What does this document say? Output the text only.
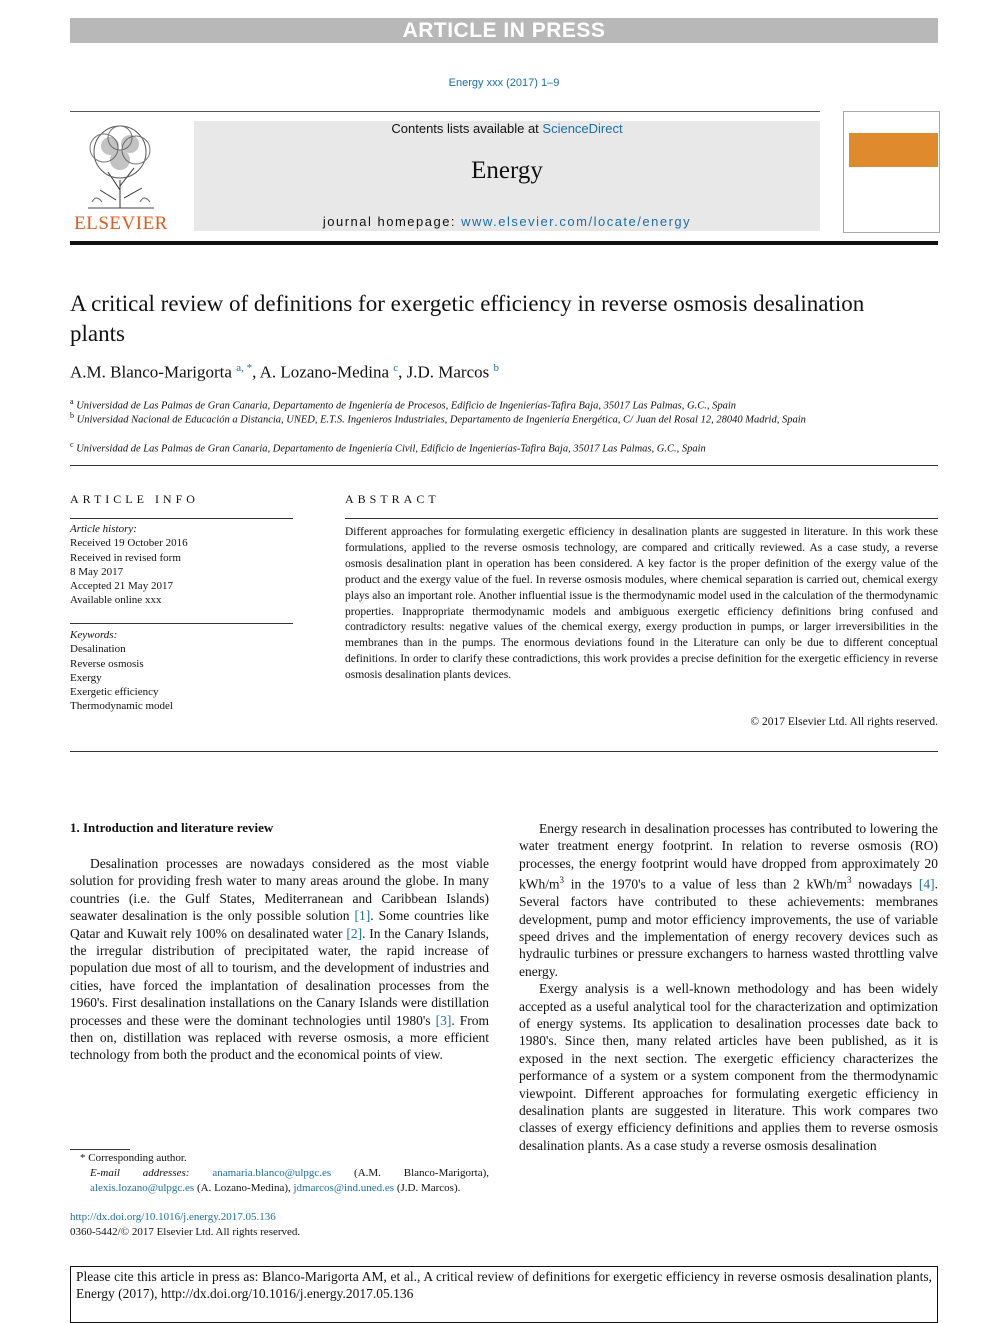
ARTICLE IN PRESS
Energy xxx (2017) 1–9
ELSEVIER
Contents lists available at ScienceDirect
Energy
journal homepage: www.elsevier.com/locate/energy
A critical review of definitions for exergetic efficiency in reverse osmosis desalination plants
A.M. Blanco-Marigorta $^{a, *}$, A. Lozano-Medina $^c$, J.D. Marcos $^b$
$^a$ Universidad de Las Palmas de Gran Canaria, Departamento de Ingeniería de Procesos, Edificio de Ingenierías-Tafira Baja, 35017 Las Palmas, G.C., Spain
$^b$ Universidad Nacional de Educación a Distancia, UNED, E.T.S. Ingenieros Industriales, Departamento de Ingeniería Energética, C/ Juan del Rosal 12, 28040 Madrid, Spain
$^c$ Universidad de Las Palmas de Gran Canaria, Departamento de Ingeniería Civil, Edificio de Ingenierías-Tafira Baja, 35017 Las Palmas, G.C., Spain
ARTICLE INFO
Article history:
Received 19 October 2016
Received in revised form
8 May 2017
Accepted 21 May 2017
Available online xxx
Keywords:
Desalination
Reverse osmosis
Exergy
Exergetic efficiency
Thermodynamic model
ABSTRACT
Different approaches for formulating exergetic efficiency in desalination plants are suggested in literature. In this work these formulations, applied to the reverse osmosis technology, are compared and critically reviewed. As a case study, a reverse osmosis desalination plant in operation has been considered. A key factor is the proper definition of the exergy value of the product and the exergy value of the fuel. In reverse osmosis modules, where chemical separation is carried out, chemical exergy plays also an important role. Another influential issue is the thermodynamic model used in the calculation of the thermodynamic properties. Inappropriate thermodynamic models and ambiguous exergetic efficiency definitions bring confused and contradictory results: negative values of the chemical exergy, exergy production in pumps, or larger irreversibilities in the membranes than in the pumps. The enormous deviations found in the Literature can only be due to different conceptual definitions. In order to clarify these contradictions, this work provides a precise definition for the exergetic efficiency in reverse osmosis desalination plants devices.
© 2017 Elsevier Ltd. All rights reserved.
1. Introduction and literature review

Desalination processes are nowadays considered as the most viable solution for providing fresh water to many areas around the globe. In many countries (i.e. the Gulf States, Mediterranean and Caribbean Islands) seawater desalination is the only possible solution [1]. Some countries like Qatar and Kuwait rely 100% on desalinated water [2]. In the Canary Islands, the irregular distribution of precipitated water, the rapid increase of population due most of all to tourism, and the development of industries and cities, have forced the implantation of desalination processes from the 1960's. First desalination installations on the Canary Islands were distillation processes and these were the dominant technologies until 1980's [3]. From then on, distillation was replaced with reverse osmosis, a more efficient technology from both the product and the economical points of view.

Energy research in desalination processes has contributed to lowering the water treatment energy footprint. In relation to reverse osmosis (RO) processes, the energy footprint would have dropped from approximately 20 kWh/$m^3$ in the 1970's to a value of less than 2 kWh/$m^3$ nowadays [4]. Several factors have contributed to these achievements: membranes development, pump and motor efficiency improvements, the use of variable speed drives and the implementation of energy recovery devices such as hydraulic turbines or pressure exchangers to harness wasted throttling valve energy.

Exergy analysis is a well-known methodology and has been widely accepted as a useful analytical tool for the characterization and optimization of energy systems. Its application to desalination processes date back to 1980's. Since then, many related articles have been published, as it is exposed in the next section. The exergetic efficiency characterizes the performance of a system or a system component from the thermodynamic viewpoint. Different approaches for formulating exergetic efficiency in desalination plants are suggested in literature. This work compares two classes of exergy efficiency definitions and applies them to reverse osmosis desalination plants. As a case study a reverse osmosis desalination

* Corresponding author.
E-mail addresses: anamaria.blanco@ulpgc.es (A.M. Blanco-Marigorta), alexis.lozano@ulpgc.es (A. Lozano-Medina), jdmarcos@ind.uned.es (J.D. Marcos).
http://dx.doi.org/10.1016/j.energy.2017.05.136
0360-5442/© 2017 Elsevier Ltd. All rights reserved.
Please cite this article in press as: Blanco-Marigorta AM, et al., A critical review of definitions for exergetic efficiency in reverse osmosis desalination plants, Energy (2017), http://dx.doi.org/10.1016/j.energy.2017.05.136
